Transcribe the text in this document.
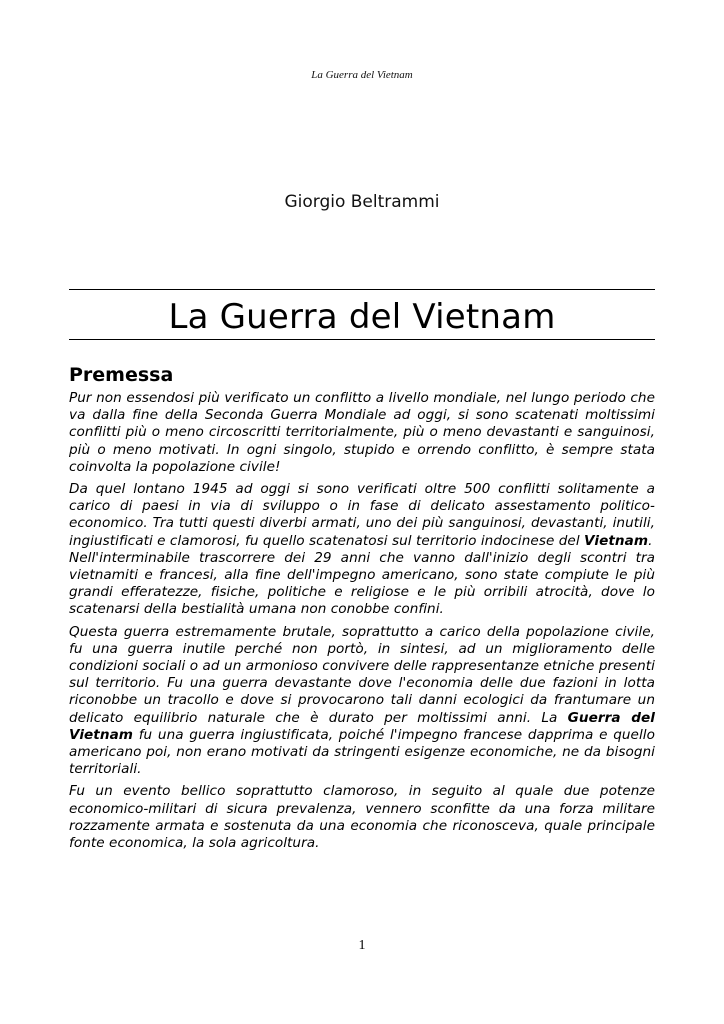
La Guerra del Vietnam
Giorgio Beltrammi
La Guerra del Vietnam
Premessa

Pur non essendosi più verificato un conflitto a livello mondiale, nel lungo periodo che va dalla fine della Seconda Guerra Mondiale ad oggi, si sono scatenati moltissimi conflitti più o meno circoscritti territorialmente, più o meno devastanti e sanguinosi, più o meno motivati. In ogni singolo, stupido e orrendo conflitto, è sempre stata coinvolta la popolazione civile!

Da quel lontano 1945 ad oggi si sono verificati oltre 500 conflitti solitamente a carico di paesi in via di sviluppo o in fase di delicato assestamento politico-economico. Tra tutti questi diverbi armati, uno dei più sanguinosi, devastanti, inutili, ingiustificati e clamorosi, fu quello scatenatosi sul territorio indocinese del Vietnam.

Nell'interminabile trascorrere dei 29 anni che vanno dall'inizio degli scontri tra vietnamiti e francesi, alla fine dell'impegno americano, sono state compiute le più grandi efferatezze, fisiche, politiche e religiose e le più orribili atrocità, dove lo scatenarsi della bestialità umana non conobbe confini.

Questa guerra estremamente brutale, soprattutto a carico della popolazione civile, fu una guerra inutile perché non portò, in sintesi, ad un miglioramento delle condizioni sociali o ad un armonioso convivere delle rappresentanze etniche presenti sul territorio. Fu una guerra devastante dove l'economia delle due fazioni in lotta riconobbe un tracollo e dove si provocarono tali danni ecologici da frantumare un delicato equilibrio naturale che è durato per moltissimi anni. La Guerra del Vietnam fu una guerra ingiustificata, poiché l'impegno francese dapprima e quello americano poi, non erano motivati da stringenti esigenze economiche, ne da bisogni territoriali.

Fu un evento bellico soprattutto clamoroso, in seguito al quale due potenze economico-militari di sicura prevalenza, vennero sconfitte da una forza militare rozzamente armata e sostenuta da una economia che riconosceva, quale principale fonte economica, la sola agricoltura.

1
